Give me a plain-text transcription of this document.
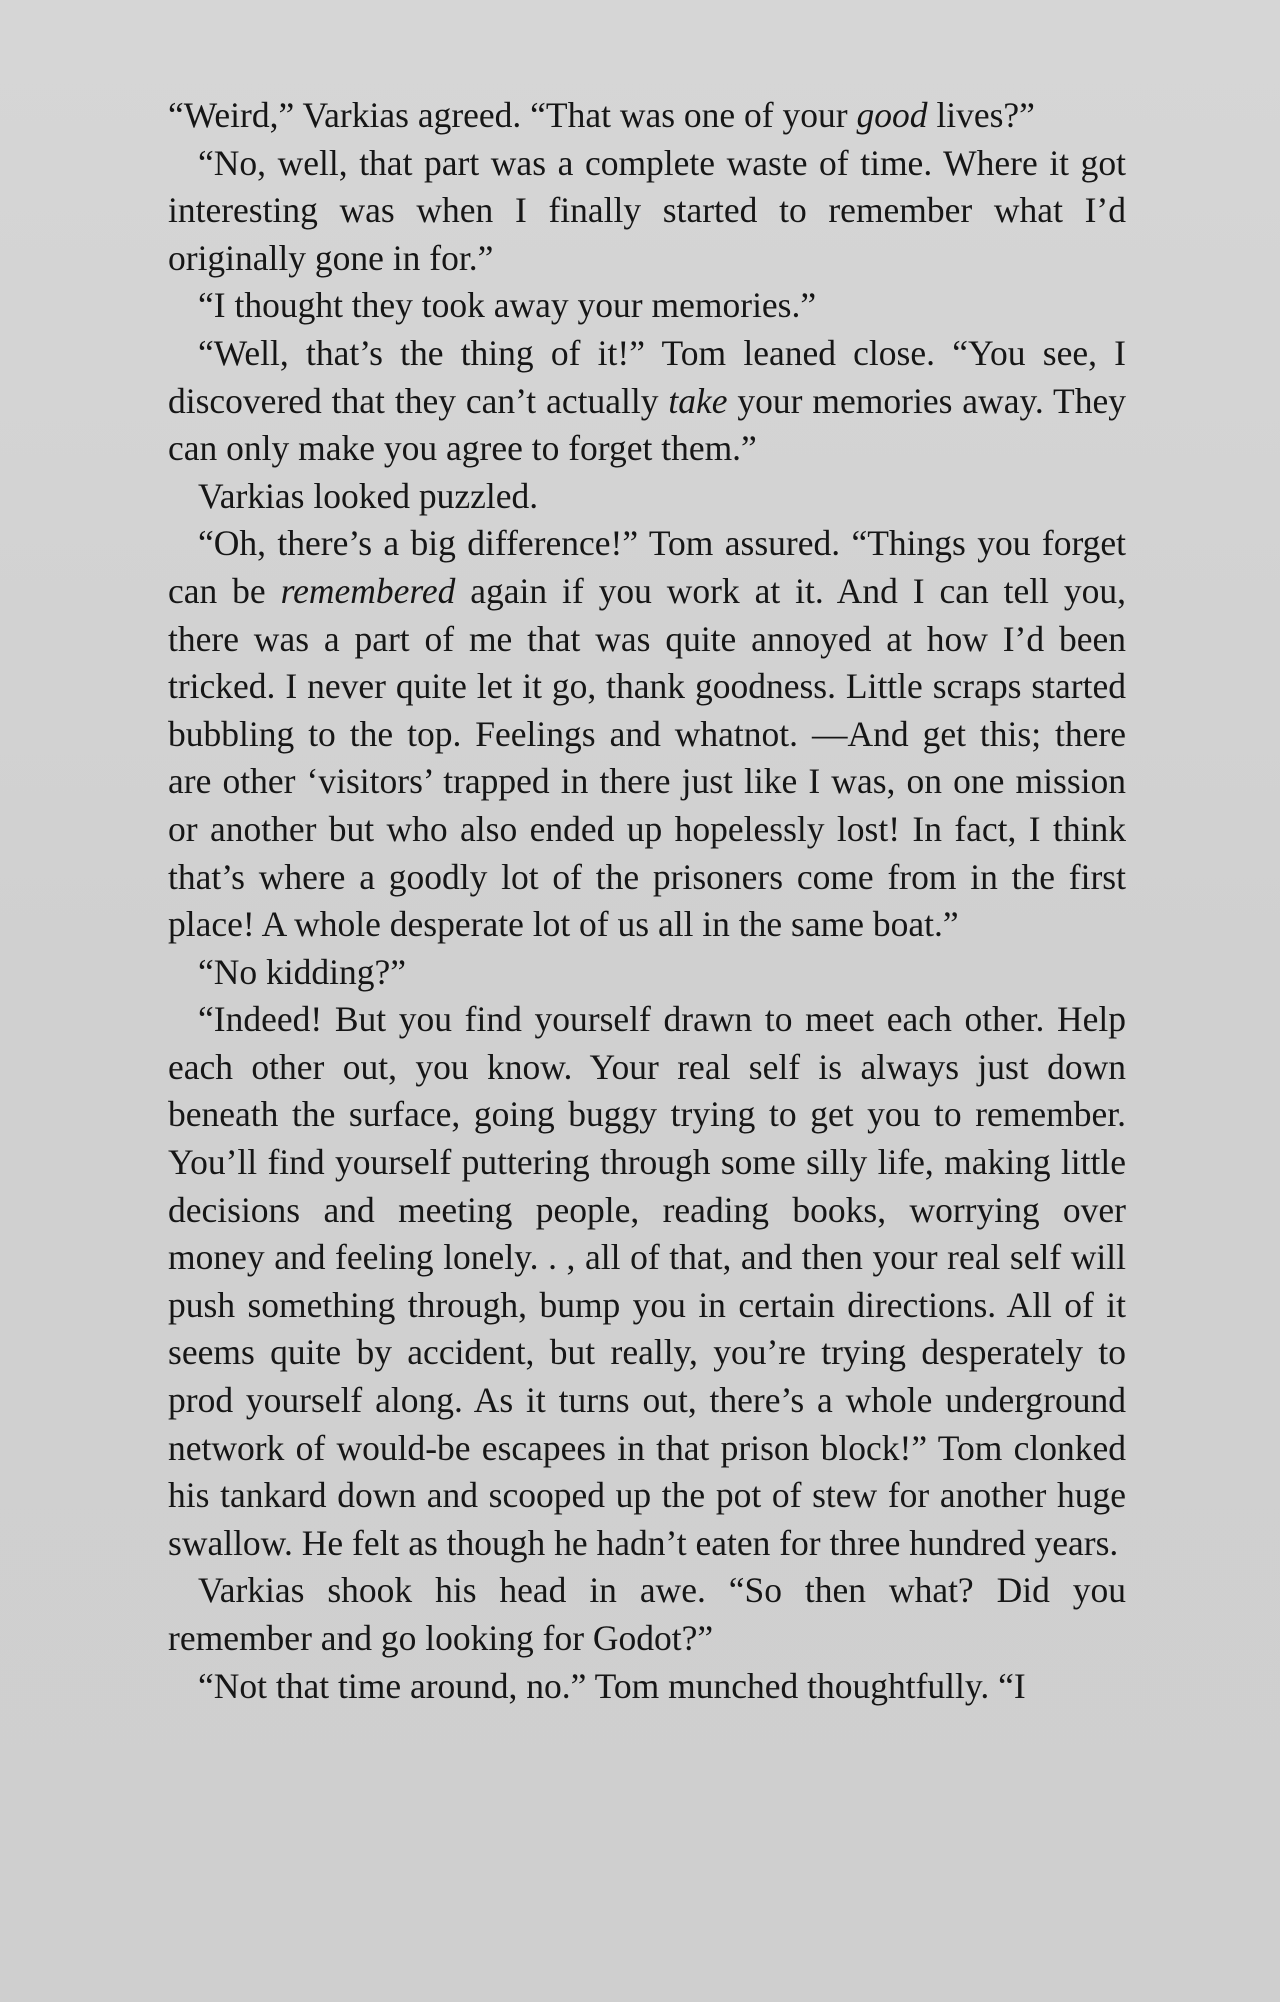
“Weird,” Varkias agreed. “That was one of your good lives?”

“No, well, that part was a complete waste of time. Where it got interesting was when I finally started to remember what I’d originally gone in for.”

“I thought they took away your memories.”

“Well, that’s the thing of it!” Tom leaned close. “You see, I discovered that they can’t actually take your memories away. They can only make you agree to forget them.”

Varkias looked puzzled.

“Oh, there’s a big difference!” Tom assured. “Things you forget can be remembered again if you work at it. And I can tell you, there was a part of me that was quite annoyed at how I’d been tricked. I never quite let it go, thank goodness. Little scraps started bubbling to the top. Feelings and whatnot. —And get this; there are other ‘visitors’ trapped in there just like I was, on one mission or another but who also ended up hopelessly lost! In fact, I think that’s where a goodly lot of the prisoners come from in the first place! A whole desperate lot of us all in the same boat.”

“No kidding?”

“Indeed! But you find yourself drawn to meet each other. Help each other out, you know. Your real self is always just down beneath the surface, going buggy trying to get you to remember. You’ll find yourself puttering through some silly life, making little decisions and meeting people, reading books, worrying over money and feeling lonely. . , all of that, and then your real self will push something through, bump you in certain directions. All of it seems quite by accident, but really, you’re trying desperately to prod yourself along. As it turns out, there’s a whole underground network of would-be escapees in that prison block!” Tom clonked his tankard down and scooped up the pot of stew for another huge swallow. He felt as though he hadn’t eaten for three hundred years.

Varkias shook his head in awe. “So then what? Did you remember and go looking for Godot?”

“Not that time around, no.” Tom munched thoughtfully. “I
